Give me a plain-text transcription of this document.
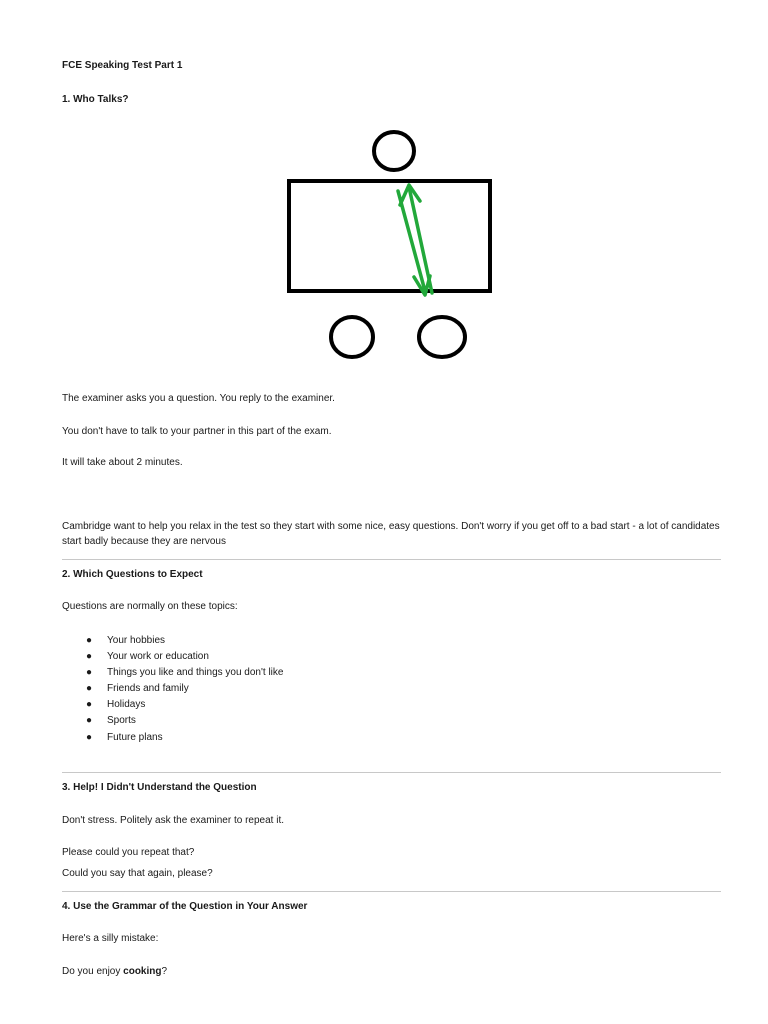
FCE Speaking Test Part 1
1. Who Talks?
The examiner asks you a question. You reply to the examiner.
You don't have to talk to your partner in this part of the exam.
It will take about 2 minutes.
Cambridge want to help you relax in the test so they start with some nice, easy questions. Don't worry if you get off to a bad start - a lot of candidates start badly because they are nervous
2. Which Questions to Expect
Questions are normally on these topics:
● Your hobbies
● Your work or education
● Things you like and things you don't like
● Friends and family
● Holidays
● Sports
● Future plans
3. Help! I Didn't Understand the Question
Don't stress. Politely ask the examiner to repeat it.
Please could you repeat that?
Could you say that again, please?
4. Use the Grammar of the Question in Your Answer
Here's a silly mistake:
Do you enjoy cooking?
